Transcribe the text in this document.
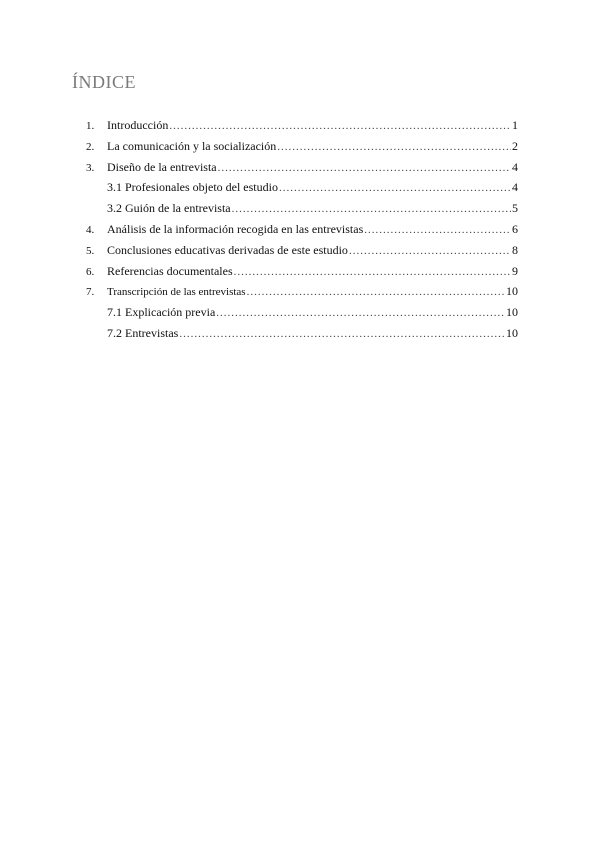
ÍNDICE
1.	Introducción .....	1
2.	La comunicación y la socialización .....	2
3.	Diseño de la entrevista .....	4
3.1 Profesionales objeto del estudio .....	4
3.2 Guión de la entrevista .....	5
4.	Análisis de la información recogida en las entrevistas .....	6
5.	Conclusiones educativas derivadas de este estudio .....	8
6.	Referencias documentales .....	9
7.	Transcripción de las entrevistas .....	10
7.1 Explicación previa .....	10
7.2 Entrevistas .....	10
